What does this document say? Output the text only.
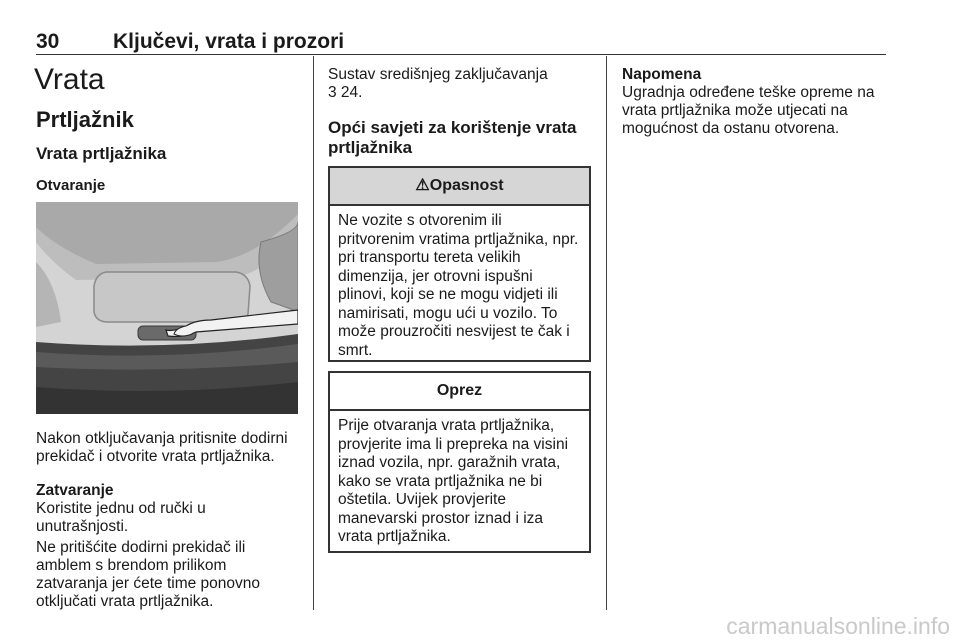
30	Ključevi, vrata i prozori
Vrata
Prtljažnik
Vrata prtljažnika
Otvaranje
Nakon otključavanja pritisnite dodirni prekidač i otvorite vrata prtljažnika.
Zatvaranje
Koristite jednu od ručki u unutrašnjosti.
Ne pritišćite dodirni prekidač ili amblem s brendom prilikom zatvaranja jer ćete time ponovno otključati vrata prtljažnika.
Sustav središnjeg zaključavanja
3 24.
Opći savjeti za korištenje vrata prtljažnika
⚠Opasnost
Ne vozite s otvorenim ili pritvorenim vratima prtljažnika, npr. pri transportu tereta velikih dimenzija, jer otrovni ispušni plinovi, koji se ne mogu vidjeti ili namirisati, mogu ući u vozilo. To može prouzročiti nesvijest te čak i smrt.
Oprez
Prije otvaranja vrata prtljažnika, provjerite ima li prepreka na visini iznad vozila, npr. garažnih vrata, kako se vrata prtljažnika ne bi oštetila. Uvijek provjerite manevarski prostor iznad i iza vrata prtljažnika.
Napomena
Ugradnja određene teške opreme na vrata prtljažnika može utjecati na mogućnost da ostanu otvorena.
carmanualsonline.info
